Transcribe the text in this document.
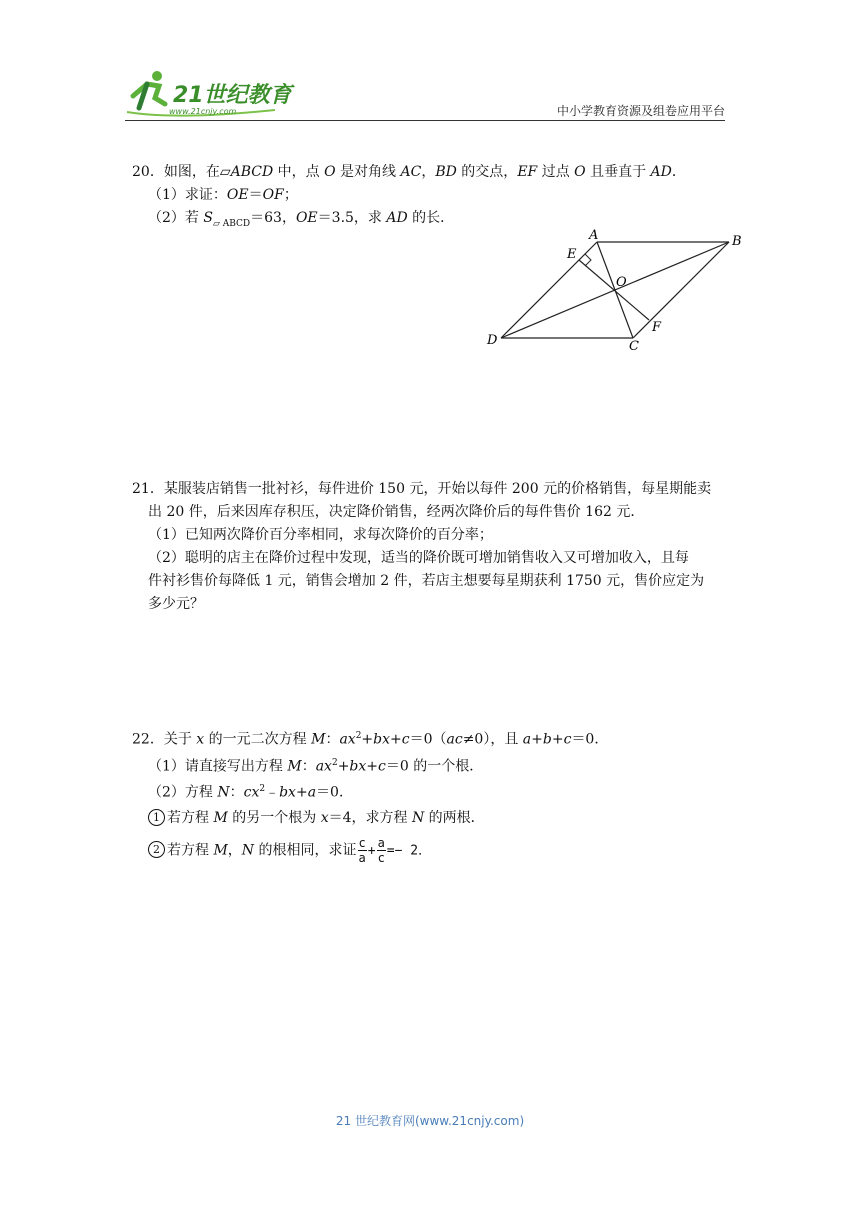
21世纪教育
www.21cnjy.com	中小学教育资源及组卷应用平台
20．如图，在▱ABCD 中，点 O 是对角线 AC，BD 的交点，EF 过点 O 且垂直于 AD．
（1）求证：OE＝OF；
（2）若 $S_{▱ ABCD}=63$，OE＝3.5，求 AD 的长．
A	B
C
D
E
O
F
21．某服装店销售一批衬衫，每件进价 150 元，开始以每件 200 元的价格销售，每星期能卖
出 20 件，后来因库存积压，决定降价销售，经两次降价后的每件售价 162 元．
（1）已知两次降价百分率相同，求每次降价的百分率；
（2）聪明的店主在降价过程中发现，适当的降价既可增加销售收入又可增加收入，且每
件衬衫售价每降低 1 元，销售会增加 2 件，若店主想要每星期获利 1750 元，售价应定为
多少元？
22．关于 x 的一元二次方程 M：$ax^2+bx+c=0(ac\ne 0)$，且 a+b+c＝0．
（1）请直接写出方程 M：$ax^2+bx+c=0$ 的一个根．
（2）方程 N：$cx^2﹣bx+a=0$．
1 若方程 M 的另一个根为 x＝4，求方程 N 的两根．
2 若方程 M，N 的根相同，求证 $\frac{c}{a} + \frac{a}{c} =- 2$．
21 世纪教育网(www.21cnjy.com)
